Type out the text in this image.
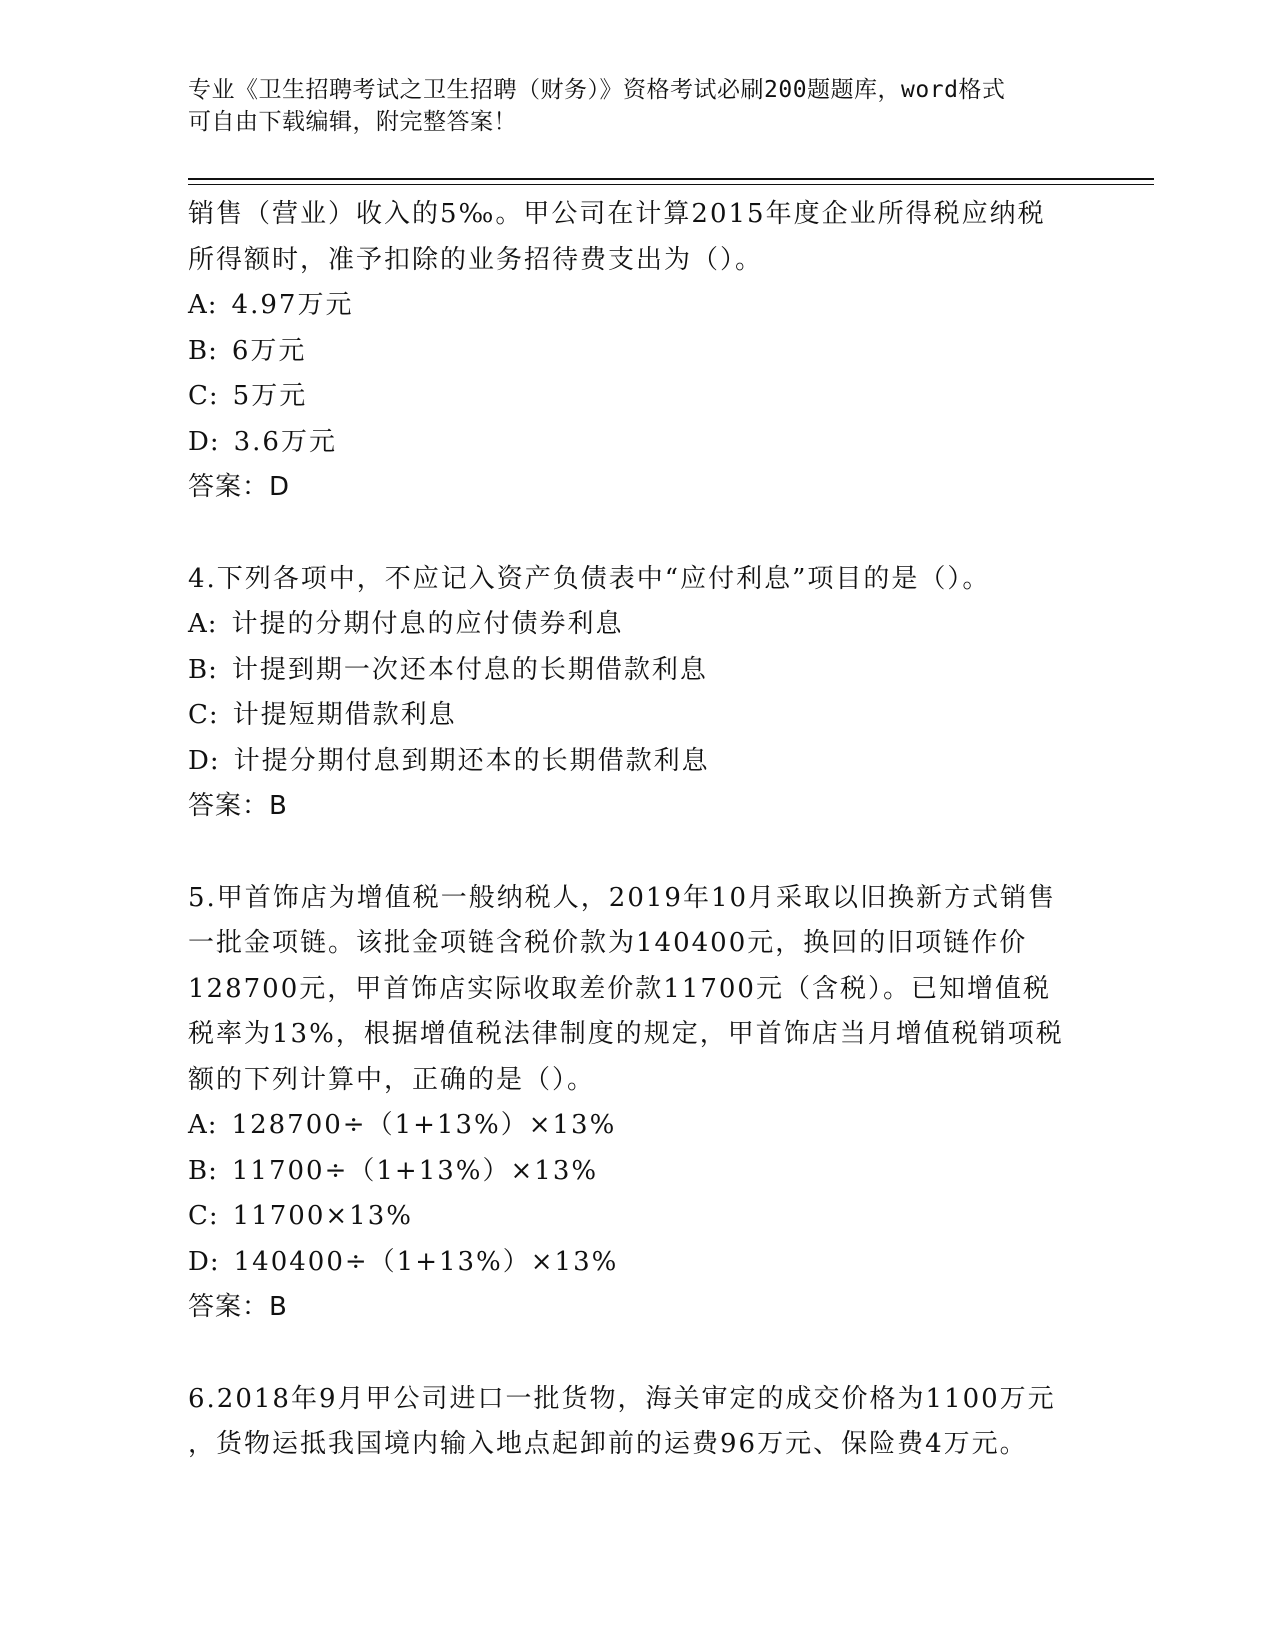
专业《卫生招聘考试之卫生招聘（财务）》资格考试必刷200题题库，word格式
可自由下载编辑，附完整答案！
销售（营业）收入的5‰。甲公司在计算2015年度企业所得税应纳税
所得额时，准予扣除的业务招待费支出为（）。
A: 4.97万元
B: 6万元
C: 5万元
D: 3.6万元
答案：D
4.下列各项中，不应记入资产负债表中“应付利息”项目的是（）。
A: 计提的分期付息的应付债券利息
B: 计提到期一次还本付息的长期借款利息
C: 计提短期借款利息
D: 计提分期付息到期还本的长期借款利息
答案：B
5.甲首饰店为增值税一般纳税人，2019年10月采取以旧换新方式销售
一批金项链。该批金项链含税价款为140400元，换回的旧项链作价
128700元，甲首饰店实际收取差价款11700元（含税）。已知增值税
税率为13%，根据增值税法律制度的规定，甲首饰店当月增值税销项税
额的下列计算中，正确的是（）。
A: 128700÷（1+13%）×13%
B: 11700÷（1+13%）×13%
C: 11700×13%
D: 140400÷（1+13%）×13%
答案：B
6.2018年9月甲公司进口一批货物，海关审定的成交价格为1100万元
，货物运抵我国境内输入地点起卸前的运费96万元、保险费4万元。
